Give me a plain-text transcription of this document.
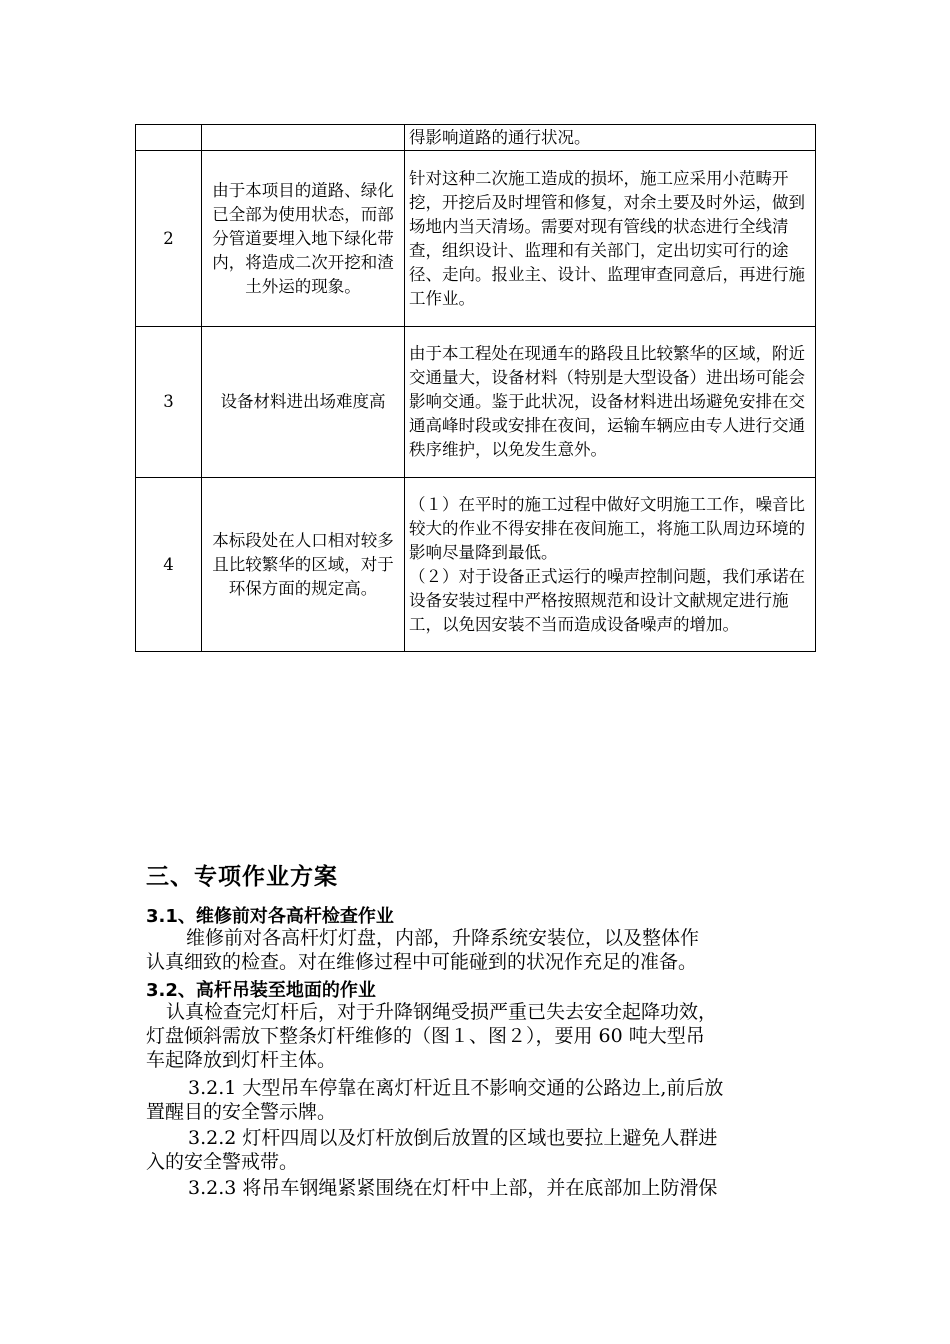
		得影响道路的通行状况。

2	由于本项目的道路、绿化已全部为使用状态，而部分管道要埋入地下绿化带内，将造成二次开挖和渣土外运的现象。	针对这种二次施工造成的损坏，施工应采用小范畴开挖，开挖后及时埋管和修复，对余土要及时外运，做到场地内当天清场。需要对现有管线的状态进行全线清查，组织设计、监理和有关部门，定出切实可行的途径、走向。报业主、设计、监理审查同意后，再进行施工作业。

3	设备材料进出场难度高	由于本工程处在现通车的路段且比较繁华的区域，附近交通量大，设备材料（特别是大型设备）进出场可能会影响交通。鉴于此状况，设备材料进出场避免安排在交通高峰时段或安排在夜间，运输车辆应由专人进行交通秩序维护，以免发生意外。

4	本标段处在人口相对较多且比较繁华的区域，对于环保方面的规定高。	（１）在平时的施工过程中做好文明施工工作，噪音比较大的作业不得安排在夜间施工，将施工队周边环境的影响尽量降到最低。
（２）对于设备正式运行的噪声控制问题，我们承诺在设备安装过程中严格按照规范和设计文献规定进行施工，以免因安装不当而造成设备噪声的增加。
三、专项作业方案
3.1、维修前对各高杆检查作业
维修前对各高杆灯灯盘，内部，升降系统安装位，以及整体作
认真细致的检查。对在维修过程中可能碰到的状况作充足的准备。
3.2、高杆吊装至地面的作业
认真检查完灯杆后，对于升降钢绳受损严重已失去安全起降功效，
灯盘倾斜需放下整条灯杆维修的（图１、图２），要用 60 吨大型吊
车起降放到灯杆主体。
3.2.1 大型吊车停靠在离灯杆近且不影响交通的公路边上,前后放
置醒目的安全警示牌。
3.2.2 灯杆四周以及灯杆放倒后放置的区域也要拉上避免人群进
入的安全警戒带。
3.2.3 将吊车钢绳紧紧围绕在灯杆中上部，并在底部加上防滑保
